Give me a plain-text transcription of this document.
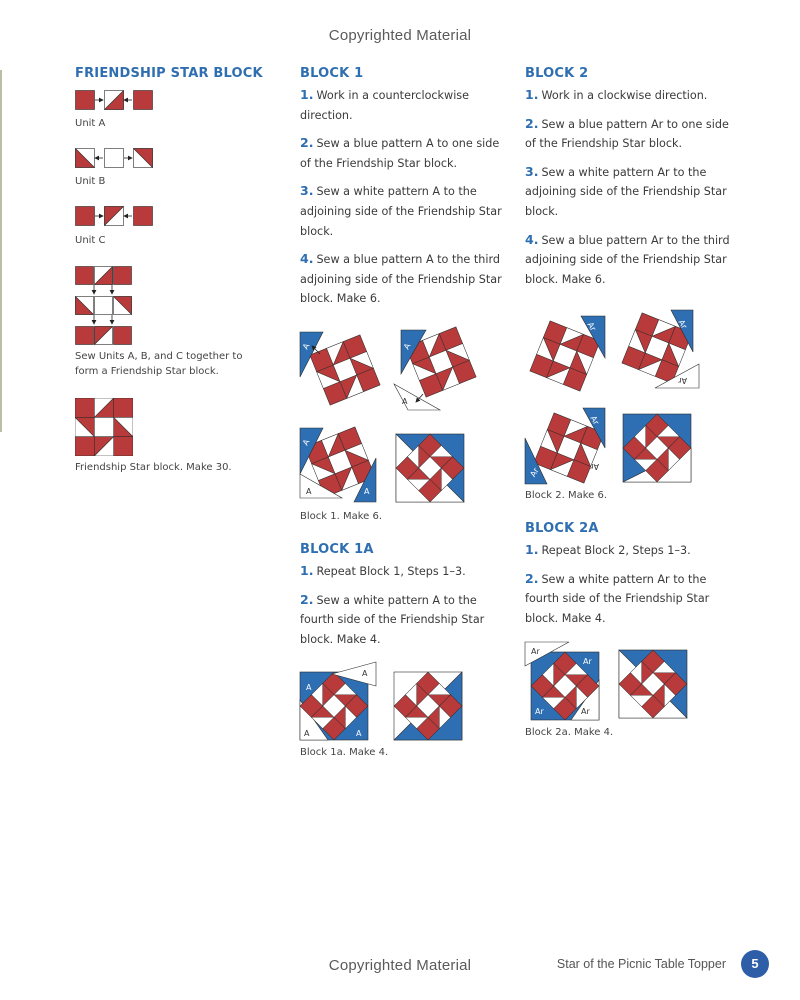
Copyrighted Material
FRIENDSHIP STAR BLOCK
Unit A
Unit B
Unit C
Sew Units A, B, and C together to form a Friendship Star block.
Friendship Star block. Make 30.
BLOCK 1
1. Work in a counterclockwise direction.
2. Sew a blue pattern A to one side of the Friendship Star block.
3. Sew a white pattern A to the adjoining side of the Friendship Star block.
4. Sew a blue pattern A to the third adjoining side of the Friendship Star block. Make 6.
A	A
A
A
A	A
Block 1. Make 6.
BLOCK 1A
1. Repeat Block 1, Steps 1–3.
2. Sew a white pattern A to the fourth side of the Friendship Star block. Make 4.
A
A
A	A
Block 1a. Make 4.
BLOCK 2
1. Work in a clockwise direction.
2. Sew a blue pattern Ar to one side of the Friendship Star block.
3. Sew a white pattern Ar to the adjoining side of the Friendship Star block.
4. Sew a blue pattern Ar to the third adjoining side of the Friendship Star block. Make 6.
Ar	Ar
Ar
Ar
Ar	Ar
Block 2. Make 6.
BLOCK 2A
1. Repeat Block 2, Steps 1–3.
2. Sew a white pattern Ar to the fourth side of the Friendship Star block. Make 4.
Ar
Ar
Ar	Ar
Block 2a. Make 4.
Copyrighted Material	Star of the Picnic Table Topper	5
